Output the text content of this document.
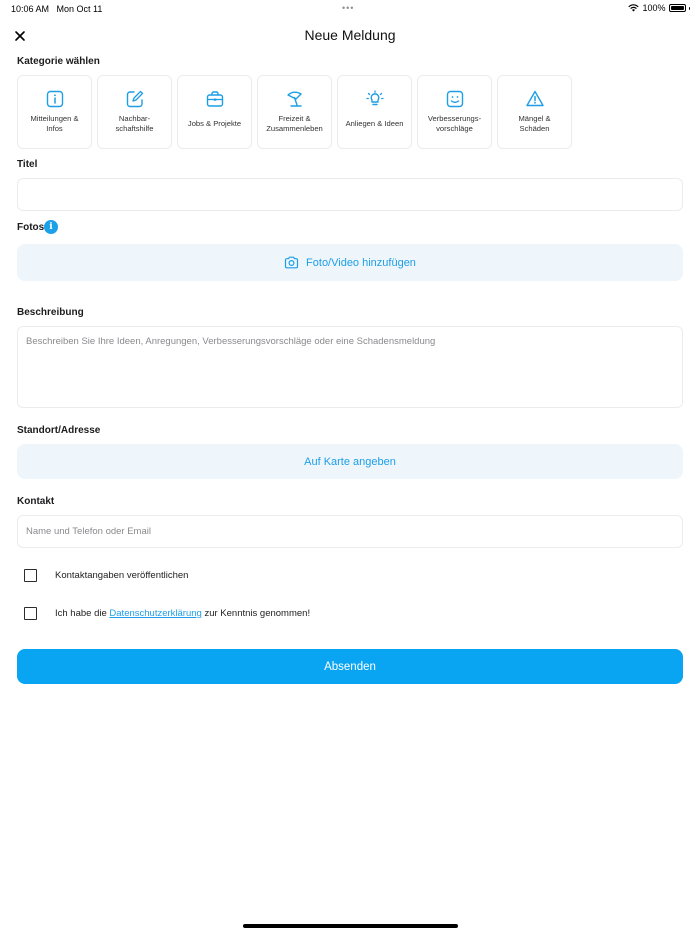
10:06 AM Mon Oct 11	•••	100%
Neue Meldung
Kategorie wählen
Mitteilungen &
Infos
Nachbar-
schaftshilfe
Jobs & Projekte
Freizeit &
Zusammenleben
Anliegen & Ideen
Verbesserungs-
vorschläge
Mängel &
Schäden
Titel
Fotos i
Foto/Video hinzufügen
Beschreibung
Beschreiben Sie Ihre Ideen, Anregungen, Verbesserungsvorschläge oder eine Schadensmeldung
Standort/Adresse
Auf Karte angeben
Kontakt
Name und Telefon oder Email
Kontaktangaben veröffentlichen
Ich habe die Datenschutzerklärung zur Kenntnis genommen!
Absenden
